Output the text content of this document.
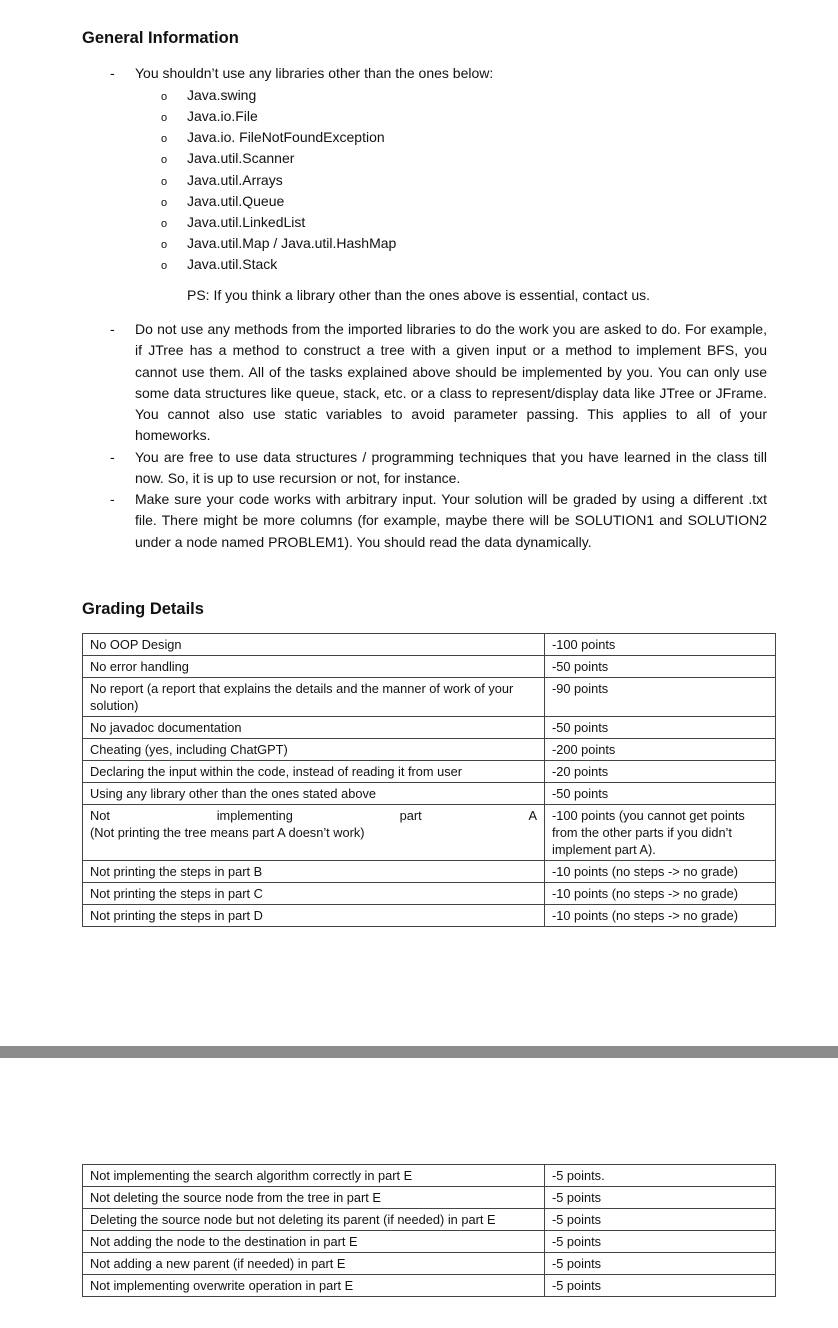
General Information
- You shouldn’t use any libraries other than the ones below:
o Java.swing
o Java.io.File
o Java.io. FileNotFoundException
o Java.util.Scanner
o Java.util.Arrays
o Java.util.Queue
o Java.util.LinkedList
o Java.util.Map / Java.util.HashMap
o Java.util.Stack
PS: If you think a library other than the ones above is essential, contact us.
- Do not use any methods from the imported libraries to do the work you are asked to do. For example, if JTree has a method to construct a tree with a given input or a method to implement BFS, you cannot use them. All of the tasks explained above should be implemented by you. You can only use some data structures like queue, stack, etc. or a class to represent/display data like JTree or JFrame. You cannot also use static variables to avoid parameter passing. This applies to all of your homeworks.
- You are free to use data structures / programming techniques that you have learned in the class till now. So, it is up to use recursion or not, for instance.
- Make sure your code works with arbitrary input. Your solution will be graded by using a different .txt file. There might be more columns (for example, maybe there will be SOLUTION1 and SOLUTION2 under a node named PROBLEM1). You should read the data dynamically.
Grading Details
No OOP Design	-100 points
No error handling	-50 points
No report (a report that explains the details and the manner of work of your solution)	-90 points
No javadoc documentation	-50 points
Cheating (yes, including ChatGPT)	-200 points
Declaring the input within the code, instead of reading it from user	-20 points
Using any library other than the ones stated above	-50 points

Not implementing part A
(Not printing the tree means part A doesn’t work)	-100 points (you cannot get points from the other parts if you didn’t implement part A).
Not printing the steps in part B	-10 points (no steps -> no grade)
Not printing the steps in part C	-10 points (no steps -> no grade)
Not printing the steps in part D	-10 points (no steps -> no grade)
Not implementing the search algorithm correctly in part E	-5 points.
Not deleting the source node from the tree in part E	-5 points
Deleting the source node but not deleting its parent (if needed) in part E	-5 points
Not adding the node to the destination in part E	-5 points
Not adding a new parent (if needed) in part E	-5 points
Not implementing overwrite operation in part E	-5 points
